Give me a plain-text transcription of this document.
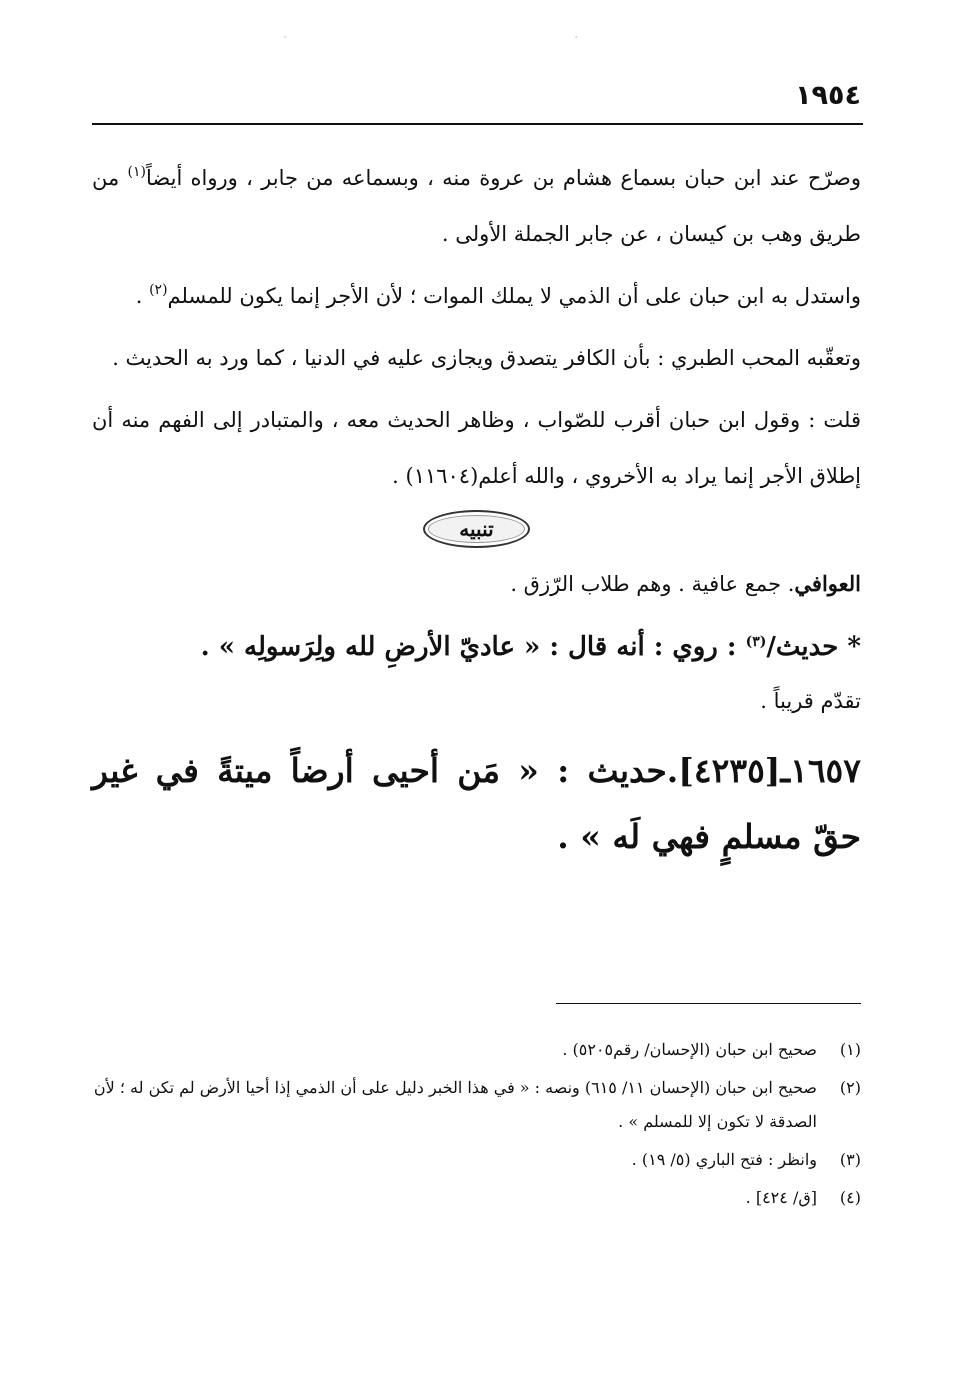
·	·
١٩٥٤

وصرّح عند ابن حبان بسماع هشام بن عروة منه ، وبسماعه من جابر ، ورواه أيضاً$^{(١)}$ من طريق وهب بن كيسان ، عن جابر الجملة الأولى .

واستدل به ابن حبان على أن الذمي لا يملك الموات ؛ لأن الأجر إنما يكون للمسلم$^{(٢)}$ .

وتعقّبه المحب الطبري : بأن الكافر يتصدق ويجازى عليه في الدنيا ، كما ورد به الحديث .

قلت : وقول ابن حبان أقرب للصّواب ، وظاهر الحديث معه ، والمتبادر إلى الفهم منه أن إطلاق الأجر إنما يراد به الأخروي ، والله أعلم(١١٦٠٤) .

تنبيه

العوافي. جمع عافية . وهم طلاب الرّزق .

* حديث/$^{(٣)}$ : روي : أنه قال : « عاديّ الأرضِ لله ولِرَسولِه » .

تقدّم قريباً .

١٦٥٧ـ[٤٢٣٥].حديث : « مَن أحيى أرضاً ميتةً في غير حقّ مسلمٍ فهي لَه » .

(١)
صحيح ابن حبان (الإحسان/ رقم٥٢٠٥) .
(٢)
صحيح ابن حبان (الإحسان ١١/ ٦١٥) ونصه : « في هذا الخبر دليل على أن الذمي إذا أحيا الأرض لم تكن له ؛ لأن الصدقة لا تكون إلا للمسلم » .
(٣)
وانظر : فتح الباري (٥/ ١٩) .
(٤)
[ق/ ٤٢٤] .
